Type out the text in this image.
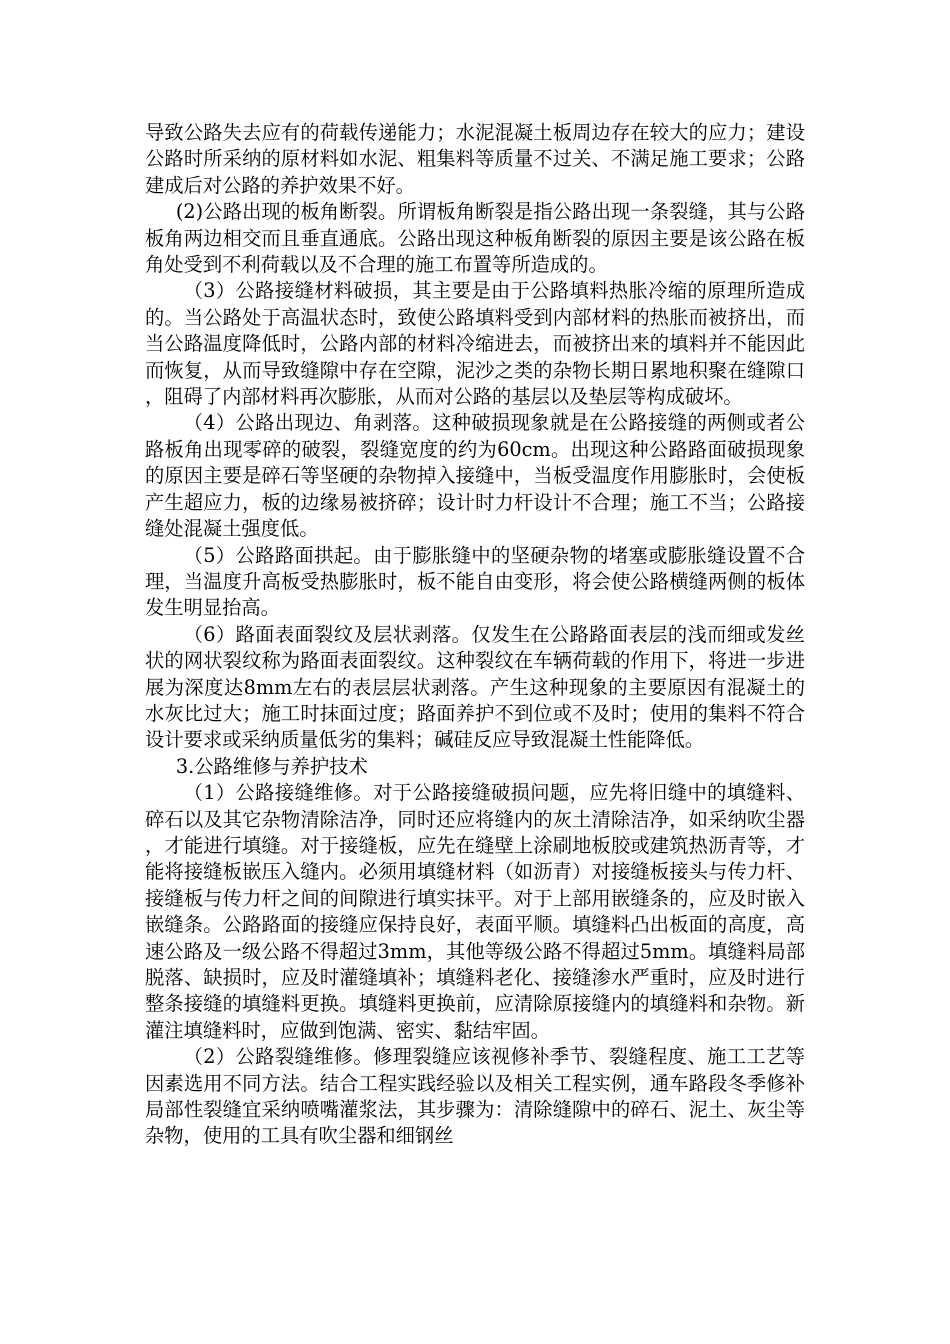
导致公路失去应有的荷载传递能力；水泥混凝土板周边存在较大的应力；建设公路时所采纳的原材料如水泥、粗集料等质量不过关、不满足施工要求；公路建成后对公路的养护效果不好。

(2)公路出现的板角断裂。所谓板角断裂是指公路出现一条裂缝，其与公路板角两边相交而且垂直通底。公路出现这种板角断裂的原因主要是该公路在板角处受到不利荷载以及不合理的施工布置等所造成的。

（3）公路接缝材料破损，其主要是由于公路填料热胀冷缩的原理所造成的。当公路处于高温状态时，致使公路填料受到内部材料的热胀而被挤出，而当公路温度降低时，公路内部的材料冷缩进去，而被挤出来的填料并不能因此而恢复，从而导致缝隙中存在空隙，泥沙之类的杂物长期日累地积聚在缝隙口，阻碍了内部材料再次膨胀，从而对公路的基层以及垫层等构成破坏。

（4）公路出现边、角剥落。这种破损现象就是在公路接缝的两侧或者公路板角出现零碎的破裂，裂缝宽度的约为60cm。出现这种公路路面破损现象的原因主要是碎石等坚硬的杂物掉入接缝中，当板受温度作用膨胀时，会使板产生超应力，板的边缘易被挤碎；设计时力杆设计不合理；施工不当；公路接缝处混凝土强度低。

（5）公路路面拱起。由于膨胀缝中的坚硬杂物的堵塞或膨胀缝设置不合理，当温度升高板受热膨胀时，板不能自由变形，将会使公路横缝两侧的板体发生明显抬高。

（6）路面表面裂纹及层状剥落。仅发生在公路路面表层的浅而细或发丝状的网状裂纹称为路面表面裂纹。这种裂纹在车辆荷载的作用下，将进一步进展为深度达8mm左右的表层层状剥落。产生这种现象的主要原因有混凝土的水灰比过大；施工时抹面过度；路面养护不到位或不及时；使用的集料不符合设计要求或采纳质量低劣的集料；碱硅反应导致混凝土性能降低。

3.公路维修与养护技术

（1）公路接缝维修。对于公路接缝破损问题，应先将旧缝中的填缝料、碎石以及其它杂物清除洁净，同时还应将缝内的灰土清除洁净，如采纳吹尘器，才能进行填缝。对于接缝板，应先在缝壁上涂刷地板胶或建筑热沥青等，才能将接缝板嵌压入缝内。必须用填缝材料（如沥青）对接缝板接头与传力杆、接缝板与传力杆之间的间隙进行填实抹平。对于上部用嵌缝条的，应及时嵌入嵌缝条。公路路面的接缝应保持良好，表面平顺。填缝料凸出板面的高度，高速公路及一级公路不得超过3mm，其他等级公路不得超过5mm。填缝料局部脱落、缺损时，应及时灌缝填补；填缝料老化、接缝渗水严重时，应及时进行整条接缝的填缝料更换。填缝料更换前，应清除原接缝内的填缝料和杂物。新灌注填缝料时，应做到饱满、密实、黏结牢固。

（2）公路裂缝维修。修理裂缝应该视修补季节、裂缝程度、施工工艺等因素选用不同方法。结合工程实践经验以及相关工程实例，通车路段冬季修补局部性裂缝宜采纳喷嘴灌浆法，其步骤为：清除缝隙中的碎石、泥土、灰尘等杂物，使用的工具有吹尘器和细钢丝
